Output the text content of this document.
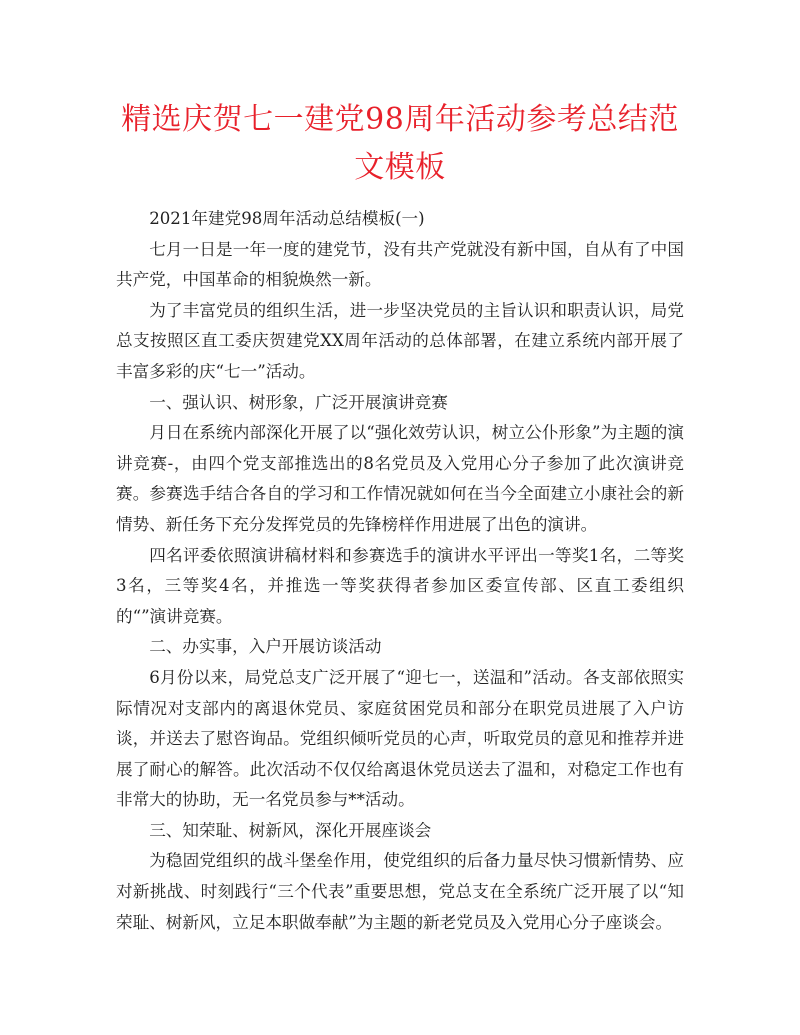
精选庆贺七一建党98周年活动参考总结范文模板

2021年建党98周年活动总结模板(一)

七月一日是一年一度的建党节，没有共产党就没有新中国，自从有了中国共产党，中国革命的相貌焕然一新。

为了丰富党员的组织生活，进一步坚决党员的主旨认识和职责认识，局党总支按照区直工委庆贺建党XX周年活动的总体部署，在建立系统内部开展了丰富多彩的庆“七一”活动。

一、强认识、树形象，广泛开展演讲竞赛

月日在系统内部深化开展了以“强化效劳认识，树立公仆形象”为主题的演讲竞赛-，由四个党支部推选出的8名党员及入党用心分子参加了此次演讲竞赛。参赛选手结合各自的学习和工作情况就如何在当今全面建立小康社会的新情势、新任务下充分发挥党员的先锋榜样作用进展了出色的演讲。

四名评委依照演讲稿材料和参赛选手的演讲水平评出一等奖1名，二等奖3名，三等奖4名，并推选一等奖获得者参加区委宣传部、区直工委组织的“”演讲竞赛。

二、办实事，入户开展访谈活动

6月份以来，局党总支广泛开展了“迎七一，送温和”活动。各支部依照实际情况对支部内的离退休党员、家庭贫困党员和部分在职党员进展了入户访谈，并送去了慰咨询品。党组织倾听党员的心声，听取党员的意见和推荐并进展了耐心的解答。此次活动不仅仅给离退休党员送去了温和，对稳定工作也有非常大的协助，无一名党员参与**活动。

三、知荣耻、树新风，深化开展座谈会

为稳固党组织的战斗堡垒作用，使党组织的后备力量尽快习惯新情势、应对新挑战、时刻践行“三个代表”重要思想，党总支在全系统广泛开展了以“知荣耻、树新风，立足本职做奉献”为主题的新老党员及入党用心分子座谈会。
